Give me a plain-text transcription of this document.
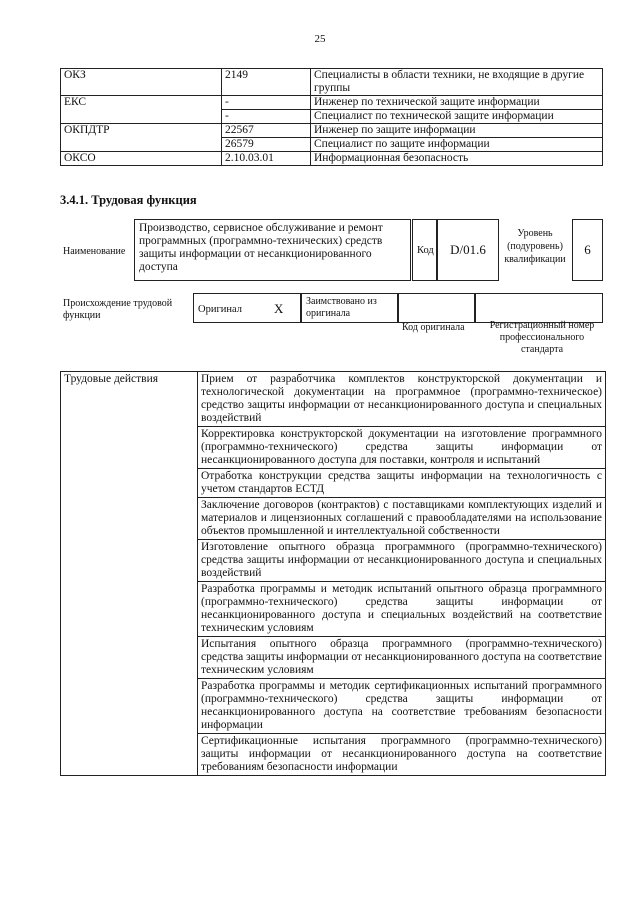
25
ОКЗ	2149	Специалисты в области техники, не входящие в другие группы
ЕКС	-	Инженер по технической защите информации
	-	Специалист по технической защите информации
ОКПДТР	22567	Инженер по защите информации
	26579	Специалист по защите информации
ОКСО	2.10.03.01	Информационная безопасность
3.4.1. Трудовая функция
Наименование
Производство, сервисное обслуживание и ремонт программных (программно-технических) средств защиты информации от несанкционированного доступа
Код	D/01.6
Уровень (подуровень) квалификации
6
Происхождение трудовой функции
Оригинал X Заимствовано из оригинала
Код оригинала	Регистрационный номер профессионального стандарта
Трудовые действия	Прием от разработчика комплектов конструкторской документации и технологической документации на программное (программно-техническое) средство защиты информации от несанкционированного доступа и специальных воздействий
Корректировка конструкторской документации на изготовление программного (программно-технического) средства защиты информации от несанкционированного доступа для поставки, контроля и испытаний
Отработка конструкции средства защиты информации на технологичность с учетом стандартов ЕСТД
Заключение договоров (контрактов) с поставщиками комплектующих изделий и материалов и лицензионных соглашений с правообладателями на использование объектов промышленной и интеллектуальной собственности
Изготовление опытного образца программного (программно-технического) средства защиты информации от несанкционированного доступа и специальных воздействий
Разработка программы и методик испытаний опытного образца программного (программно-технического) средства защиты информации от несанкционированного доступа и специальных воздействий на соответствие техническим условиям
Испытания опытного образца программного (программно-технического) средства защиты информации от несанкционированного доступа на соответствие техническим условиям
Разработка программы и методик сертификационных испытаний программного (программно-технического) средства защиты информации от несанкционированного доступа на соответствие требованиям безопасности информации
Сертификационные испытания программного (программно-технического) защиты информации от несанкционированного доступа на соответствие требованиям безопасности информации
